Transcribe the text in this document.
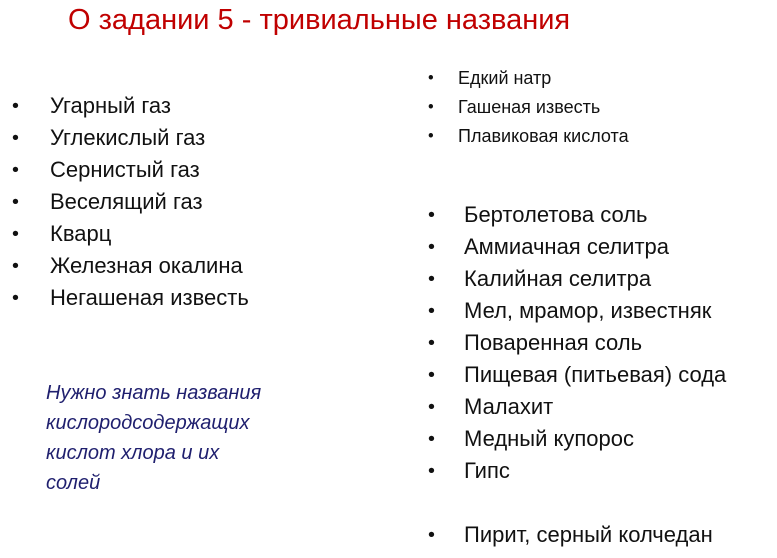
О задании 5 - тривиальные названия
• Угарный газ
• Углекислый газ
• Сернистый газ
• Веселящий газ
• Кварц
• Железная окалина
• Негашеная известь
Нужно знать названия
кислородсодержащих
кислот хлора и их
солей
• Едкий натр
• Гашеная известь
• Плавиковая кислота
• Бертолетова соль
• Аммиачная селитра
• Калийная селитра
• Мел, мрамор, известняк
• Поваренная соль
• Пищевая (питьевая) сода
• Малахит
• Медный купорос
• Гипс
• Пирит, серный колчедан
